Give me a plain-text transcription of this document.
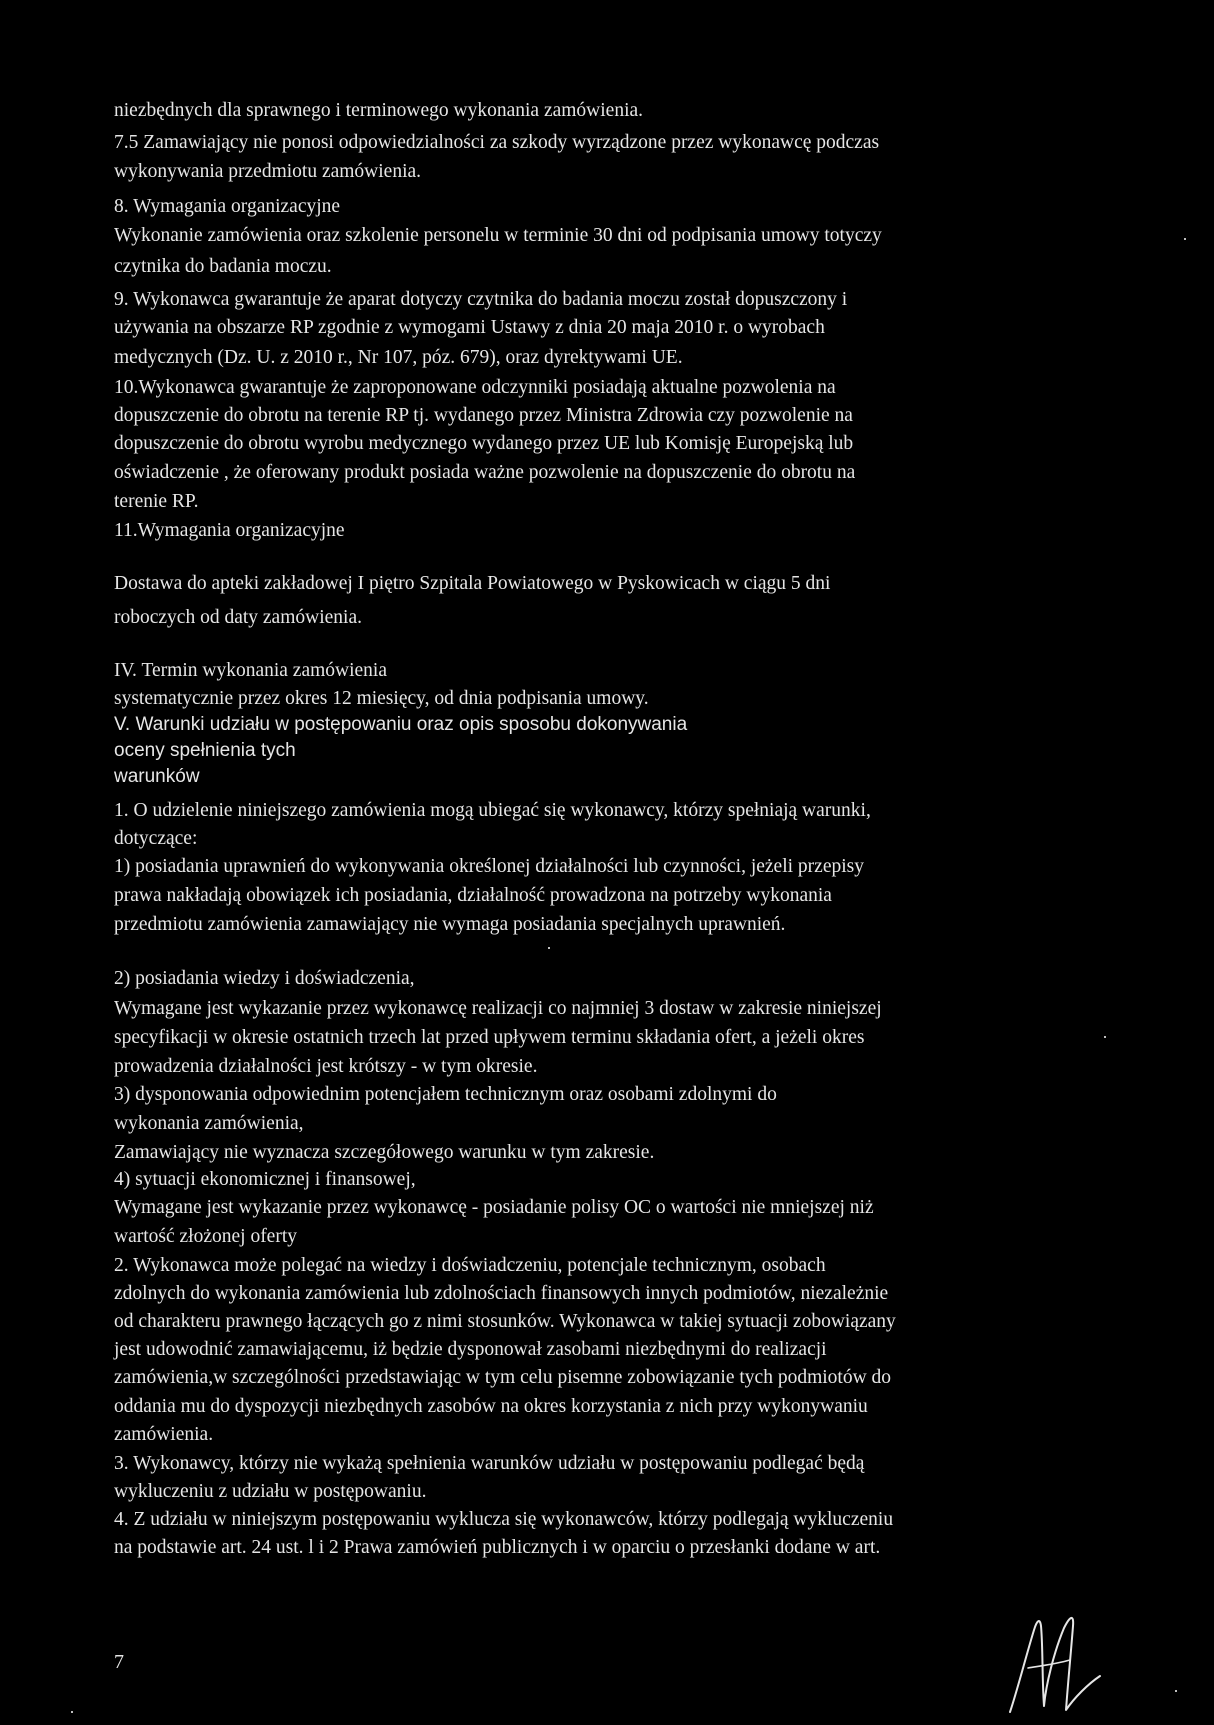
niezbędnych dla sprawnego i terminowego wykonania zamówienia.
7.5 Zamawiający nie ponosi odpowiedzialności za szkody wyrządzone przez wykonawcę podczas
wykonywania przedmiotu zamówienia.
8. Wymagania organizacyjne
Wykonanie zamówienia oraz szkolenie personelu w terminie 30 dni od podpisania umowy totyczy
czytnika do badania moczu.
9. Wykonawca gwarantuje że aparat dotyczy czytnika do badania moczu został dopuszczony i
używania na obszarze RP zgodnie z wymogami Ustawy z dnia 20 maja 2010 r. o wyrobach
medycznych (Dz. U. z 2010 r., Nr 107, póz. 679), oraz dyrektywami UE.
10.Wykonawca gwarantuje że zaproponowane odczynniki posiadają aktualne pozwolenia na
dopuszczenie do obrotu na terenie RP tj. wydanego przez Ministra Zdrowia czy pozwolenie na
dopuszczenie do obrotu wyrobu medycznego wydanego przez UE lub Komisję Europejską lub
oświadczenie , że oferowany produkt posiada ważne pozwolenie na dopuszczenie do obrotu na
terenie RP.
11.Wymagania organizacyjne
Dostawa do apteki zakładowej I piętro Szpitala Powiatowego w Pyskowicach w ciągu 5 dni
roboczych od daty zamówienia.
IV. Termin wykonania zamówienia
systematycznie przez okres 12 miesięcy, od dnia podpisania umowy.
V. Warunki udziału w postępowaniu oraz opis sposobu dokonywania
oceny spełnienia tych
warunków
1. O udzielenie niniejszego zamówienia mogą ubiegać się wykonawcy, którzy spełniają warunki,
dotyczące:
1) posiadania uprawnień do wykonywania określonej działalności lub czynności, jeżeli przepisy
prawa nakładają obowiązek ich posiadania, działalność prowadzona na potrzeby wykonania
przedmiotu zamówienia zamawiający nie wymaga posiadania specjalnych uprawnień.
2) posiadania wiedzy i doświadczenia,
Wymagane jest wykazanie przez wykonawcę realizacji co najmniej 3 dostaw w zakresie niniejszej
specyfikacji w okresie ostatnich trzech lat przed upływem terminu składania ofert, a jeżeli okres
prowadzenia działalności jest krótszy - w tym okresie.
3) dysponowania odpowiednim potencjałem technicznym oraz osobami zdolnymi do
wykonania zamówienia,
Zamawiający nie wyznacza szczegółowego warunku w tym zakresie.
4) sytuacji ekonomicznej i finansowej,
Wymagane jest wykazanie przez wykonawcę - posiadanie polisy OC o wartości nie mniejszej niż
wartość złożonej oferty
2. Wykonawca może polegać na wiedzy i doświadczeniu, potencjale technicznym, osobach
zdolnych do wykonania zamówienia lub zdolnościach finansowych innych podmiotów, niezależnie
od charakteru prawnego łączących go z nimi stosunków. Wykonawca w takiej sytuacji zobowiązany
jest udowodnić zamawiającemu, iż będzie dysponował zasobami niezbędnymi do realizacji
zamówienia,w szczególności przedstawiając w tym celu pisemne zobowiązanie tych podmiotów do
oddania mu do dyspozycji niezbędnych zasobów na okres korzystania z nich przy wykonywaniu
zamówienia.
3. Wykonawcy, którzy nie wykażą spełnienia warunków udziału w postępowaniu podlegać będą
wykluczeniu z udziału w postępowaniu.
4. Z udziału w niniejszym postępowaniu wyklucza się wykonawców, którzy podlegają wykluczeniu
na podstawie art. 24 ust. l i 2 Prawa zamówień publicznych i w oparciu o przesłanki dodane w art.
7
